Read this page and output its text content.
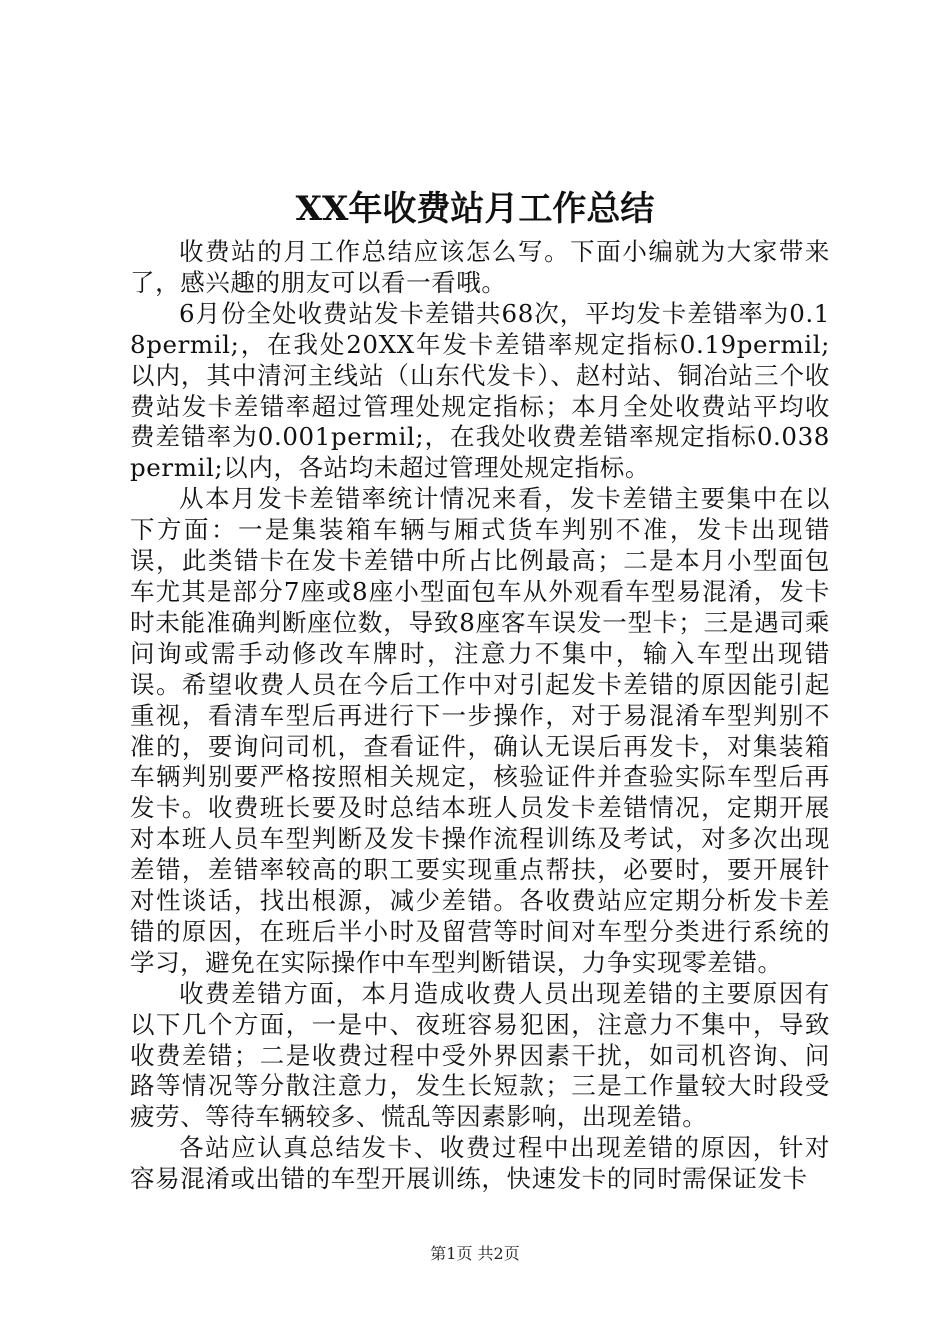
XX年收费站月工作总结

收费站的月工作总结应该怎么写。下面小编就为大家带来了，感兴趣的朋友可以看一看哦。

6月份全处收费站发卡差错共68次，平均发卡差错率为0.18permil;，在我处20XX年发卡差错率规定指标0.19permil;以内，其中清河主线站（山东代发卡）、赵村站、铜冶站三个收费站发卡差错率超过管理处规定指标；本月全处收费站平均收费差错率为0.001permil;，在我处收费差错率规定指标0.038permil;以内，各站均未超过管理处规定指标。

从本月发卡差错率统计情况来看，发卡差错主要集中在以下方面：一是集装箱车辆与厢式货车判别不准，发卡出现错误，此类错卡在发卡差错中所占比例最高；二是本月小型面包车尤其是部分7座或8座小型面包车从外观看车型易混淆，发卡时未能准确判断座位数，导致8座客车误发一型卡；三是遇司乘问询或需手动修改车牌时，注意力不集中，输入车型出现错误。希望收费人员在今后工作中对引起发卡差错的原因能引起重视，看清车型后再进行下一步操作，对于易混淆车型判别不准的，要询问司机，查看证件，确认无误后再发卡，对集装箱车辆判别要严格按照相关规定，核验证件并查验实际车型后再发卡。收费班长要及时总结本班人员发卡差错情况，定期开展对本班人员车型判断及发卡操作流程训练及考试，对多次出现差错，差错率较高的职工要实现重点帮扶，必要时，要开展针对性谈话，找出根源，减少差错。各收费站应定期分析发卡差错的原因，在班后半小时及留营等时间对车型分类进行系统的学习，避免在实际操作中车型判断错误，力争实现零差错。

收费差错方面，本月造成收费人员出现差错的主要原因有以下几个方面，一是中、夜班容易犯困，注意力不集中，导致收费差错；二是收费过程中受外界因素干扰，如司机咨询、问路等情况等分散注意力，发生长短款；三是工作量较大时段受疲劳、等待车辆较多、慌乱等因素影响，出现差错。

各站应认真总结发卡、收费过程中出现差错的原因，针对容易混淆或出错的车型开展训练，快速发卡的同时需保证发卡

第1页 共2页
